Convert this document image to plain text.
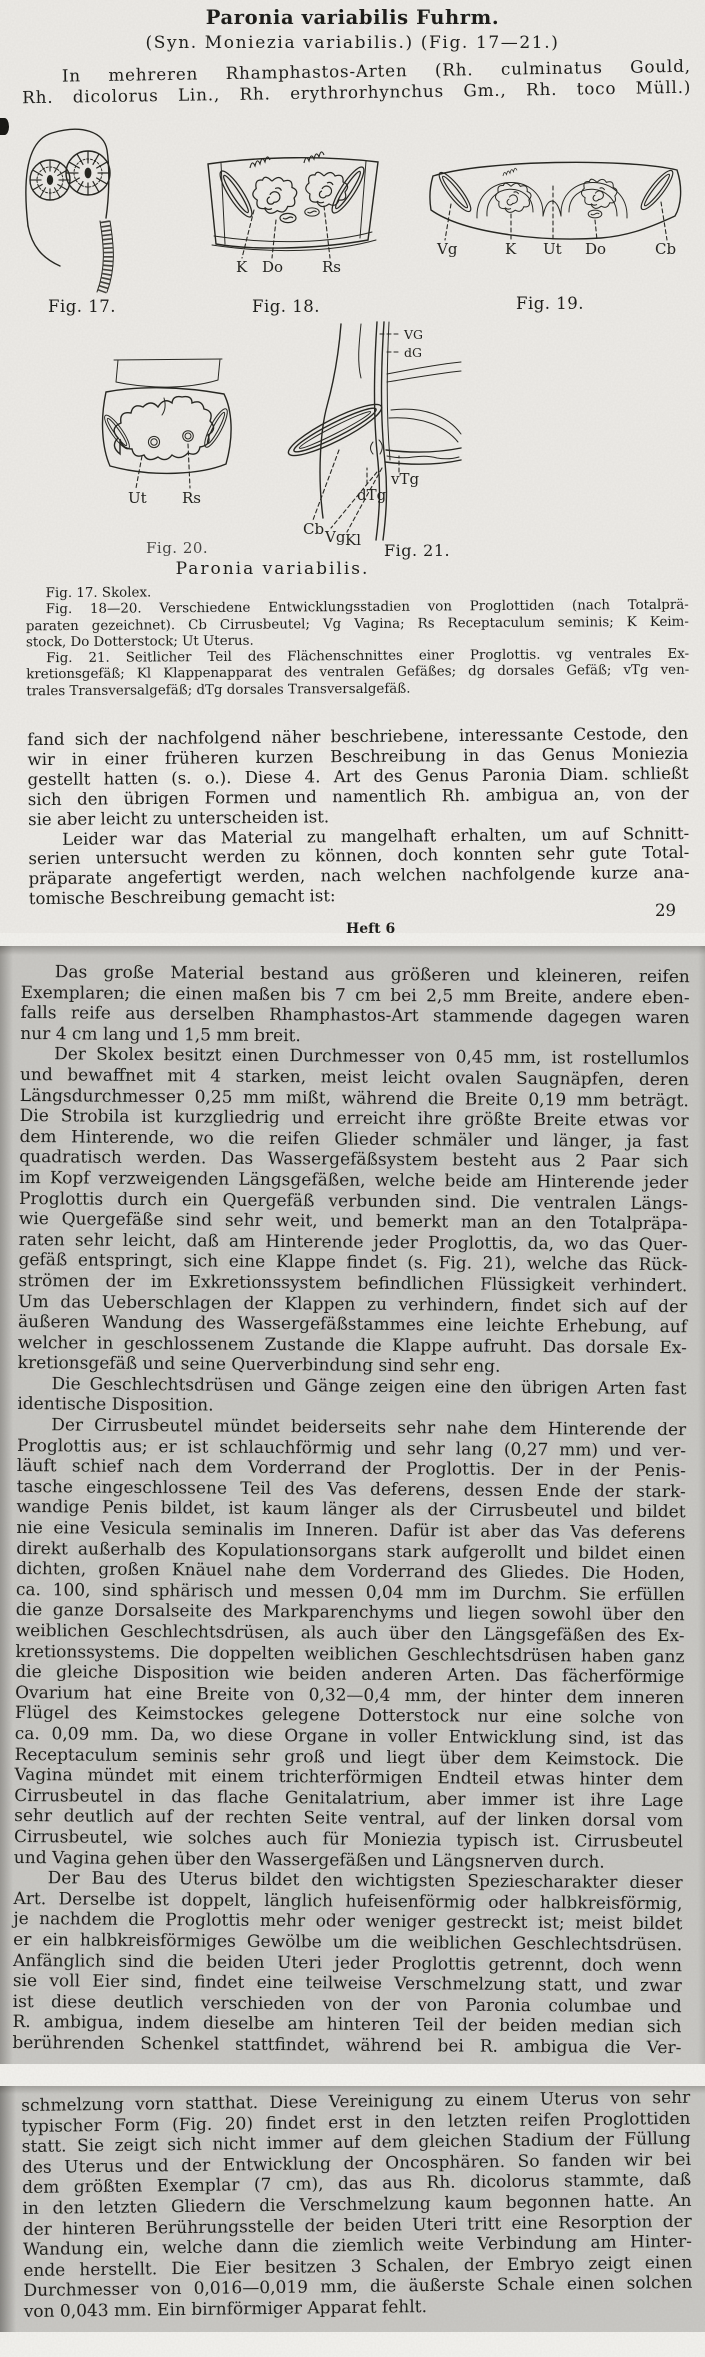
Paronia variabilis Fuhrm.
(Syn. Moniezia variabilis.) (Fig. 17—21.)
In mehreren Rhamphastos-Arten (Rh. culminatus Gould,
Rh. dicolorus Lin., Rh. erythrorhynchus Gm., Rh. toco Müll.)
K Do	Rs
Vg	K Ut Do	Cb
Ut Rs
VG
dG
Cb Vg Kl
dTg
vTg
Fig. 17.	Fig. 18.	Fig. 19.
Fig. 20.	Fig. 21.
Paronia variabilis.
Fig. 17. Skolex.
Fig. 18—20. Verschiedene Entwicklungsstadien von Proglottiden (nach Totalprä-
paraten gezeichnet). Cb Cirrusbeutel; Vg Vagina; Rs Receptaculum seminis; K Keim-
stock, Do Dotterstock; Ut Uterus.
Fig. 21. Seitlicher Teil des Flächenschnittes einer Proglottis. vg ventrales Ex-
kretionsgefäß; Kl Klappenapparat des ventralen Gefäßes; dg dorsales Gefäß; vTg ven-
trales Transversalgefäß; dTg dorsales Transversalgefäß.
fand sich der nachfolgend näher beschriebene, interessante Cestode, den
wir in einer früheren kurzen Beschreibung in das Genus Moniezia
gestellt hatten (s. o.). Diese 4. Art des Genus Paronia Diam. schließt
sich den übrigen Formen und namentlich Rh. ambigua an, von der
sie aber leicht zu unterscheiden ist.
Leider war das Material zu mangelhaft erhalten, um auf Schnitt-
serien untersucht werden zu können, doch konnten sehr gute Total-
präparate angefertigt werden, nach welchen nachfolgende kurze ana-
tomische Beschreibung gemacht ist:
Heft 6
29
Das große Material bestand aus größeren und kleineren, reifen
Exemplaren; die einen maßen bis 7 cm bei 2,5 mm Breite, andere eben-
falls reife aus derselben Rhamphastos-Art stammende dagegen waren
nur 4 cm lang und 1,5 mm breit.
Der Skolex besitzt einen Durchmesser von 0,45 mm, ist rostellumlos
und bewaffnet mit 4 starken, meist leicht ovalen Saugnäpfen, deren
Längsdurchmesser 0,25 mm mißt, während die Breite 0,19 mm beträgt.
Die Strobila ist kurzgliedrig und erreicht ihre größte Breite etwas vor
dem Hinterende, wo die reifen Glieder schmäler und länger, ja fast
quadratisch werden. Das Wassergefäßsystem besteht aus 2 Paar sich
im Kopf verzweigenden Längsgefäßen, welche beide am Hinterende jeder
Proglottis durch ein Quergefäß verbunden sind. Die ventralen Längs-
wie Quergefäße sind sehr weit, und bemerkt man an den Totalpräpa-
raten sehr leicht, daß am Hinterende jeder Proglottis, da, wo das Quer-
gefäß entspringt, sich eine Klappe findet (s. Fig. 21), welche das Rück-
strömen der im Exkretionssystem befindlichen Flüssigkeit verhindert.
Um das Ueberschlagen der Klappen zu verhindern, findet sich auf der
äußeren Wandung des Wassergefäßstammes eine leichte Erhebung, auf
welcher in geschlossenem Zustande die Klappe aufruht. Das dorsale Ex-
kretionsgefäß und seine Querverbindung sind sehr eng.
Die Geschlechtsdrüsen und Gänge zeigen eine den übrigen Arten fast
identische Disposition.
Der Cirrusbeutel mündet beiderseits sehr nahe dem Hinterende der
Proglottis aus; er ist schlauchförmig und sehr lang (0,27 mm) und ver-
läuft schief nach dem Vorderrand der Proglottis. Der in der Penis-
tasche eingeschlossene Teil des Vas deferens, dessen Ende der stark-
wandige Penis bildet, ist kaum länger als der Cirrusbeutel und bildet
nie eine Vesicula seminalis im Inneren. Dafür ist aber das Vas deferens
direkt außerhalb des Kopulationsorgans stark aufgerollt und bildet einen
dichten, großen Knäuel nahe dem Vorderrand des Gliedes. Die Hoden,
ca. 100, sind sphärisch und messen 0,04 mm im Durchm. Sie erfüllen
die ganze Dorsalseite des Markparenchyms und liegen sowohl über den
weiblichen Geschlechtsdrüsen, als auch über den Längsgefäßen des Ex-
kretionssystems. Die doppelten weiblichen Geschlechtsdrüsen haben ganz
die gleiche Disposition wie beiden anderen Arten. Das fächerförmige
Ovarium hat eine Breite von 0,32—0,4 mm, der hinter dem inneren
Flügel des Keimstockes gelegene Dotterstock nur eine solche von
ca. 0,09 mm. Da, wo diese Organe in voller Entwicklung sind, ist das
Receptaculum seminis sehr groß und liegt über dem Keimstock. Die
Vagina mündet mit einem trichterförmigen Endteil etwas hinter dem
Cirrusbeutel in das flache Genitalatrium, aber immer ist ihre Lage
sehr deutlich auf der rechten Seite ventral, auf der linken dorsal vom
Cirrusbeutel, wie solches auch für Moniezia typisch ist. Cirrusbeutel
und Vagina gehen über den Wassergefäßen und Längsnerven durch.
Der Bau des Uterus bildet den wichtigsten Speziescharakter dieser
Art. Derselbe ist doppelt, länglich hufeisenförmig oder halbkreisförmig,
je nachdem die Proglottis mehr oder weniger gestreckt ist; meist bildet
er ein halbkreisförmiges Gewölbe um die weiblichen Geschlechtsdrüsen.
Anfänglich sind die beiden Uteri jeder Proglottis getrennt, doch wenn
sie voll Eier sind, findet eine teilweise Verschmelzung statt, und zwar
ist diese deutlich verschieden von der von Paronia columbae und
R. ambigua, indem dieselbe am hinteren Teil der beiden median sich
berührenden Schenkel stattfindet, während bei R. ambigua die Ver-
schmelzung vorn statthat. Diese Vereinigung zu einem Uterus von sehr
typischer Form (Fig. 20) findet erst in den letzten reifen Proglottiden
statt. Sie zeigt sich nicht immer auf dem gleichen Stadium der Füllung
des Uterus und der Entwicklung der Oncosphären. So fanden wir bei
dem größten Exemplar (7 cm), das aus Rh. dicolorus stammte, daß
in den letzten Gliedern die Verschmelzung kaum begonnen hatte. An
der hinteren Berührungsstelle der beiden Uteri tritt eine Resorption der
Wandung ein, welche dann die ziemlich weite Verbindung am Hinter-
ende herstellt. Die Eier besitzen 3 Schalen, der Embryo zeigt einen
Durchmesser von 0,016—0,019 mm, die äußerste Schale einen solchen
von 0,043 mm. Ein birnförmiger Apparat fehlt.
